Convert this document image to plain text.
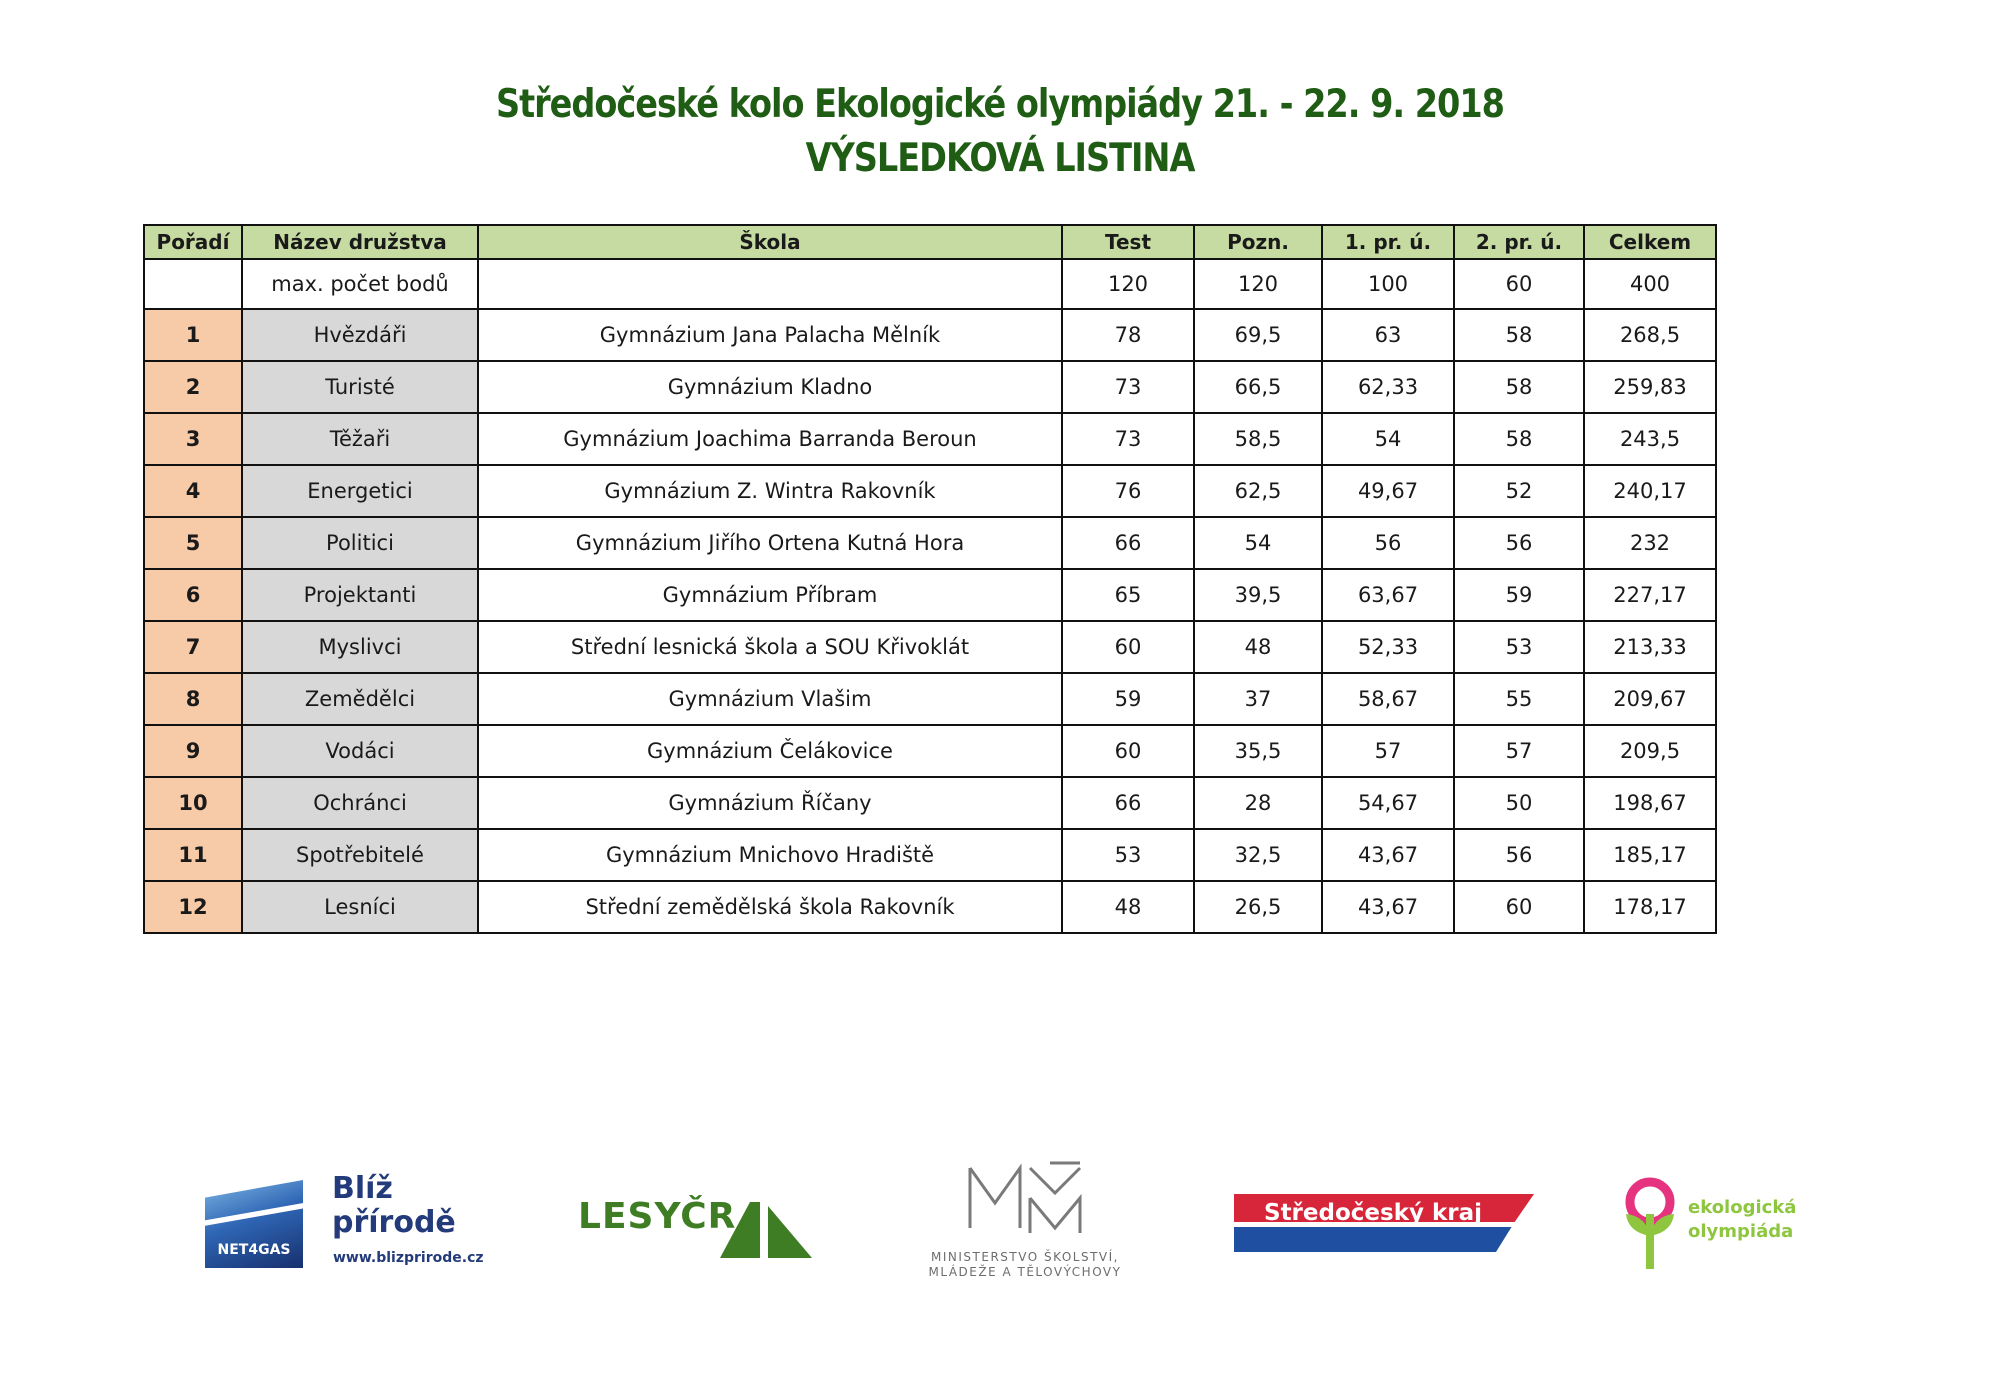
Středočeské kolo Ekologické olympiády 21. - 22. 9. 2018
VÝSLEDKOVÁ LISTINA
Pořadí	Název družstva	Škola	Test	Pozn.	1. pr. ú.	2. pr. ú.	Celkem
	max. počet bodů		120	120	100	60	400
1	Hvězdáři	Gymnázium Jana Palacha Mělník	78	69,5	63	58	268,5
2	Turisté	Gymnázium Kladno	73	66,5	62,33	58	259,83
3	Těžaři	Gymnázium Joachima Barranda Beroun	73	58,5	54	58	243,5
4	Energetici	Gymnázium Z. Wintra Rakovník	76	62,5	49,67	52	240,17
5	Politici	Gymnázium Jiřího Ortena Kutná Hora	66	54	56	56	232
6	Projektanti	Gymnázium Příbram	65	39,5	63,67	59	227,17
7	Myslivci	Střední lesnická škola a SOU Křivoklát	60	48	52,33	53	213,33
8	Zemědělci	Gymnázium Vlašim	59	37	58,67	55	209,67
9	Vodáci	Gymnázium Čelákovice	60	35,5	57	57	209,5
10	Ochránci	Gymnázium Říčany	66	28	54,67	50	198,67
11	Spotřebitelé	Gymnázium Mnichovo Hradiště	53	32,5	43,67	56	185,17
12	Lesníci	Střední zemědělská škola Rakovník	48	26,5	43,67	60	178,17
NET4GAS
Blíž
přírodě
www.blizprirode.cz
LESYČR
MINISTERSTVO ŠKOLSTVÍ,
MLÁDEŽE A TĚLOVÝCHOVY
Středočeský kraj	ekologická
olympiáda
